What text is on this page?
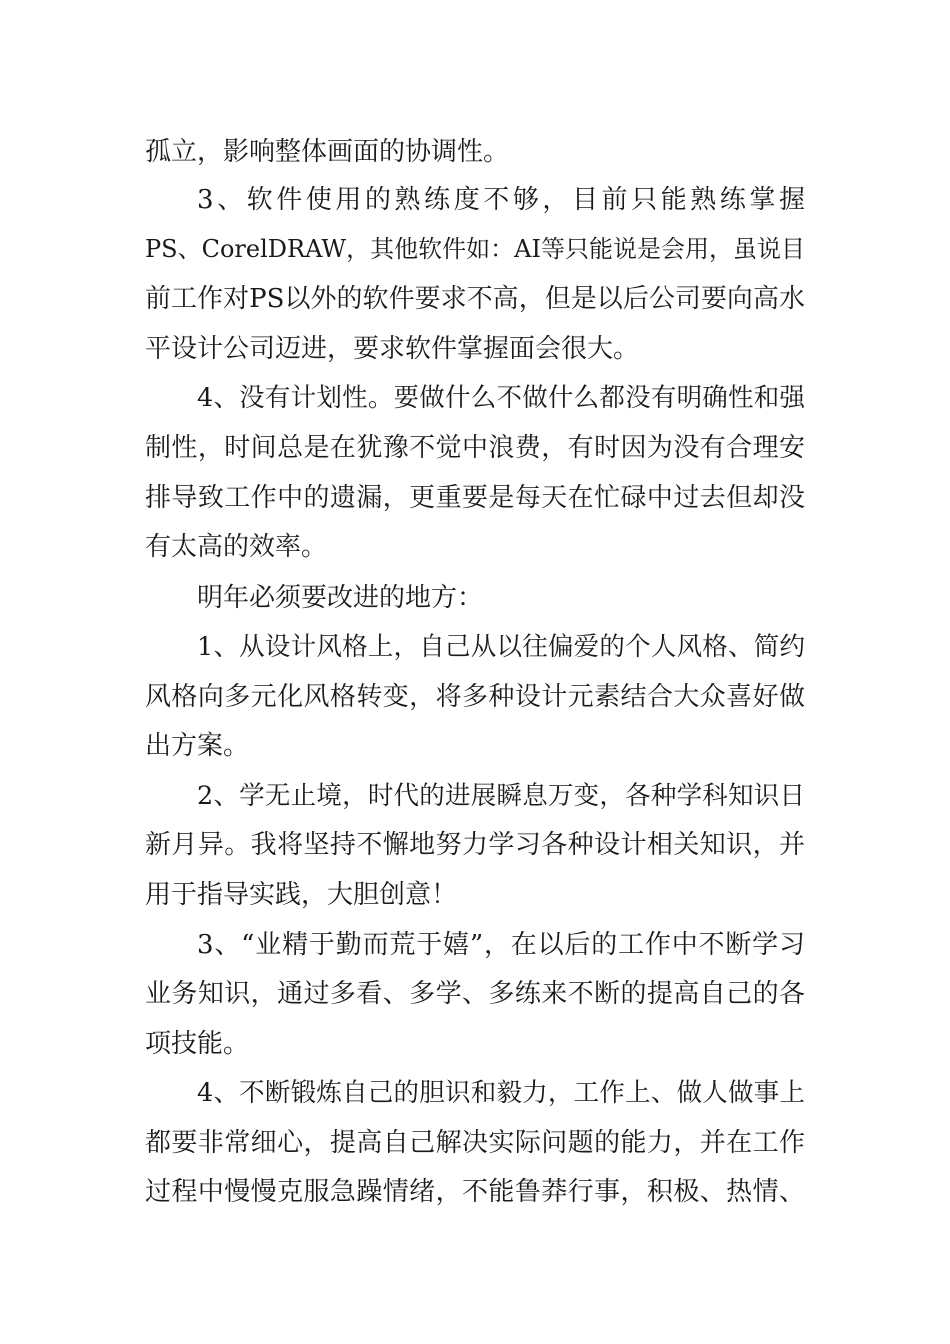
孤立，影响整体画面的协调性。

3、软件使用的熟练度不够，目前只能熟练掌握

PS、CorelDRAW，其他软件如：AI等只能说是会用，虽说目

前工作对PS以外的软件要求不高，但是以后公司要向高水

平设计公司迈进，要求软件掌握面会很大。

4、没有计划性。要做什么不做什么都没有明确性和强

制性，时间总是在犹豫不觉中浪费，有时因为没有合理安

排导致工作中的遗漏，更重要是每天在忙碌中过去但却没

有太高的效率。

明年必须要改进的地方：

1、从设计风格上，自己从以往偏爱的个人风格、简约

风格向多元化风格转变，将多种设计元素结合大众喜好做

出方案。

2、学无止境，时代的进展瞬息万变，各种学科知识日

新月异。我将坚持不懈地努力学习各种设计相关知识，并

用于指导实践，大胆创意！

3、“业精于勤而荒于嬉”，在以后的工作中不断学习

业务知识，通过多看、多学、多练来不断的提高自己的各

项技能。

4、不断锻炼自己的胆识和毅力，工作上、做人做事上

都要非常细心，提高自己解决实际问题的能力，并在工作

过程中慢慢克服急躁情绪，不能鲁莽行事，积极、热情、
